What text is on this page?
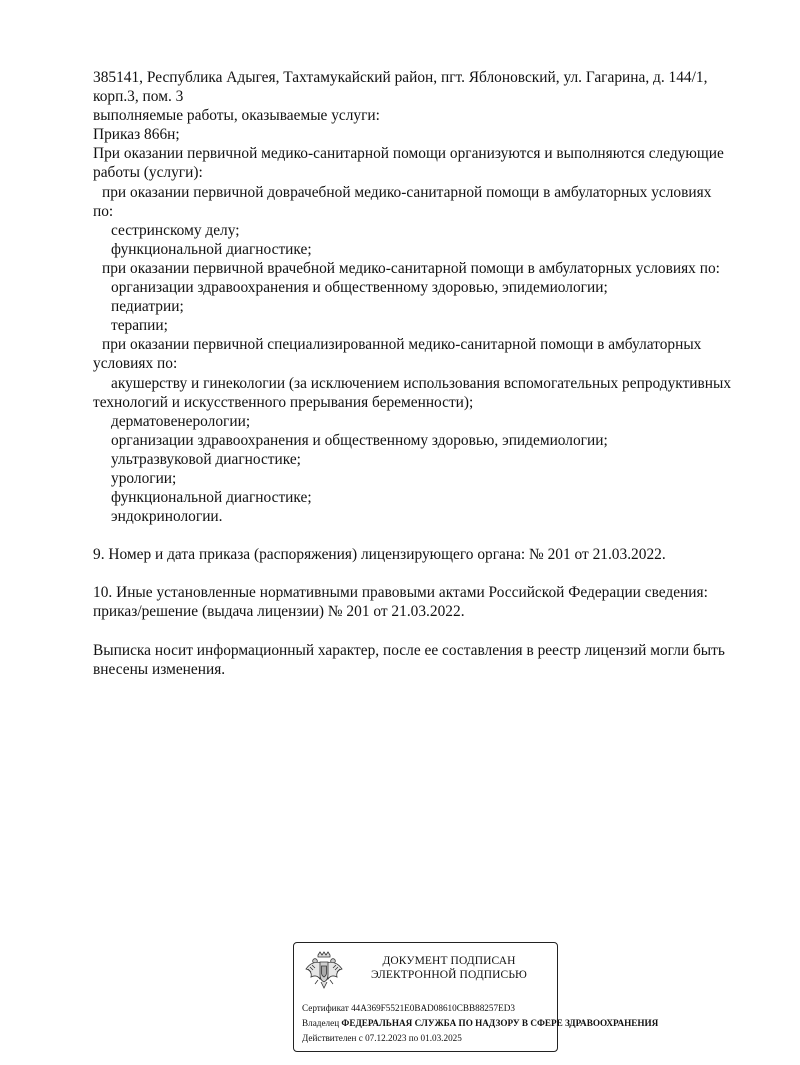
385141, Республика Адыгея, Тахтамукайский район, пгт. Яблоновский, ул. Гагарина, д. 144/1,
корп.3, пом. 3
выполняемые работы, оказываемые услуги:
Приказ 866н;
При оказании первичной медико-санитарной помощи организуются и выполняются следующие
работы (услуги):
при оказании первичной доврачебной медико-санитарной помощи в амбулаторных условиях
по:
сестринскому делу;
функциональной диагностике;
при оказании первичной врачебной медико-санитарной помощи в амбулаторных условиях по:
организации здравоохранения и общественному здоровью, эпидемиологии;
педиатрии;
терапии;
при оказании первичной специализированной медико-санитарной помощи в амбулаторных
условиях по:
акушерству и гинекологии (за исключением использования вспомогательных репродуктивных
технологий и искусственного прерывания беременности);
дерматовенерологии;
организации здравоохранения и общественному здоровью, эпидемиологии;
ультразвуковой диагностике;
урологии;
функциональной диагностике;
эндокринологии.
9. Номер и дата приказа (распоряжения) лицензирующего органа: № 201 от 21.03.2022.
10. Иные установленные нормативными правовыми актами Российской Федерации сведения:
приказ/решение (выдача лицензии) № 201 от 21.03.2022.
Выписка носит информационный характер, после ее составления в реестр лицензий могли быть
внесены изменения.
ДОКУМЕНТ ПОДПИСАН
ЭЛЕКТРОННОЙ ПОДПИСЬЮ
Сертификат 44A369F5521E0BAD08610CBB88257ED3
Владелец ФЕДЕРАЛЬНАЯ СЛУЖБА ПО НАДЗОРУ В СФЕРЕ ЗДРАВООХРАНЕНИЯ
Действителен с 07.12.2023 по 01.03.2025
